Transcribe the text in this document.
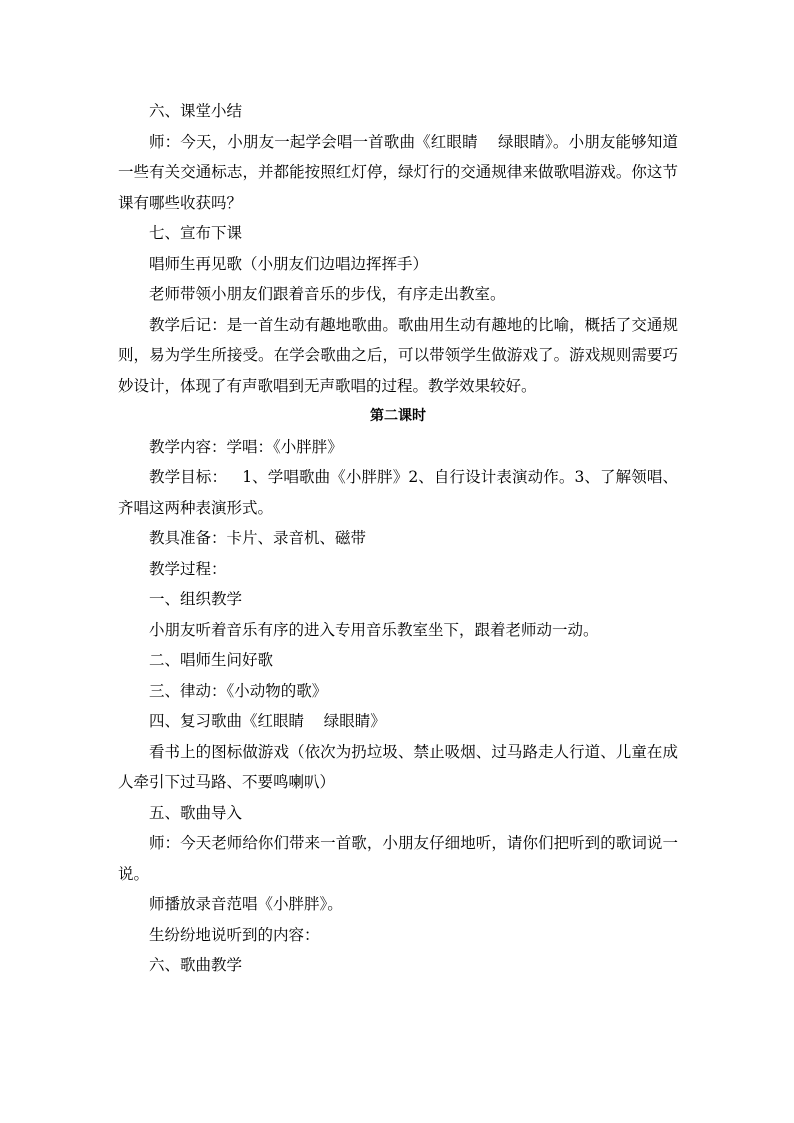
六、课堂小结

师：今天，小朋友一起学会唱一首歌曲《红眼睛    绿眼睛》。小朋友能够知道一些有关交通标志，并都能按照红灯停，绿灯行的交通规律来做歌唱游戏。你这节课有哪些收获吗？

七、宣布下课

唱师生再见歌（小朋友们边唱边挥挥手）

老师带领小朋友们跟着音乐的步伐，有序走出教室。

教学后记：是一首生动有趣地歌曲。歌曲用生动有趣地的比喻，概括了交通规则，易为学生所接受。在学会歌曲之后，可以带领学生做游戏了。游戏规则需要巧妙设计，体现了有声歌唱到无声歌唱的过程。教学效果较好。

第二课时

教学内容：学唱：《小胖胖》

教学目标：   1、学唱歌曲《小胖胖》2、自行设计表演动作。3、了解领唱、齐唱这两种表演形式。

教具准备：卡片、录音机、磁带

教学过程：

一、组织教学

小朋友听着音乐有序的进入专用音乐教室坐下，跟着老师动一动。

二、唱师生问好歌

三、律动：《小动物的歌》

四、复习歌曲《红眼睛    绿眼睛》

看书上的图标做游戏（依次为扔垃圾、禁止吸烟、过马路走人行道、儿童在成人牵引下过马路、不要鸣喇叭）

五、歌曲导入

师：今天老师给你们带来一首歌，小朋友仔细地听，请你们把听到的歌词说一说。

师播放录音范唱《小胖胖》。

生纷纷地说听到的内容：

六、歌曲教学
